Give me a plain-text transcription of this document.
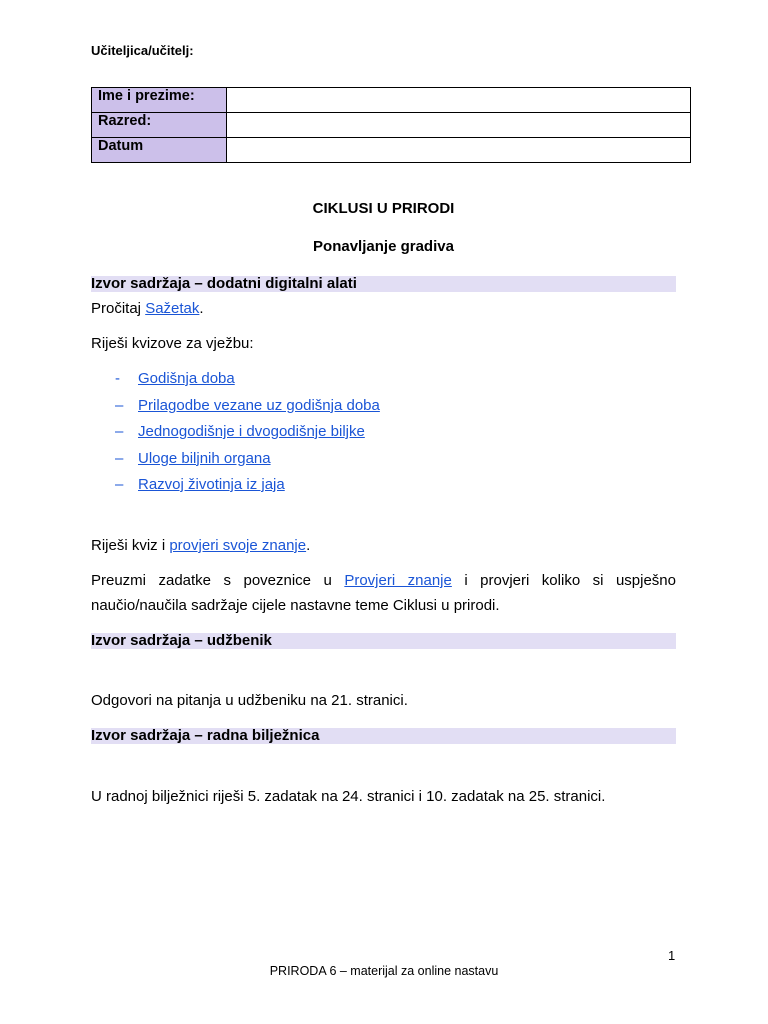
Učiteljica/učitelj:
Ime i prezime:	
Razred:	
Datum	
CIKLUSI U PRIRODI
Ponavljanje gradiva
Izvor sadržaja – dodatni digitalni alati
Pročitaj Sažetak.
Riješi kvizove za vježbu:
- Godišnja doba
– Prilagodbe vezane uz godišnja doba
– Jednogodišnje i dvogodišnje biljke
– Uloge biljnih organa
– Razvoj životinja iz jaja
Riješi kviz i provjeri svoje znanje.
Preuzmi zadatke s poveznice u Provjeri znanje i provjeri koliko si uspješno naučio/naučila sadržaje cijele nastavne teme Ciklusi u prirodi.
Izvor sadržaja – udžbenik
Odgovori na pitanja u udžbeniku na 21. stranici.
Izvor sadržaja – radna bilježnica
U radnoj bilježnici riješi 5. zadatak na 24. stranici i 10. zadatak na 25. stranici.
1
PRIRODA 6 – materijal za online nastavu
